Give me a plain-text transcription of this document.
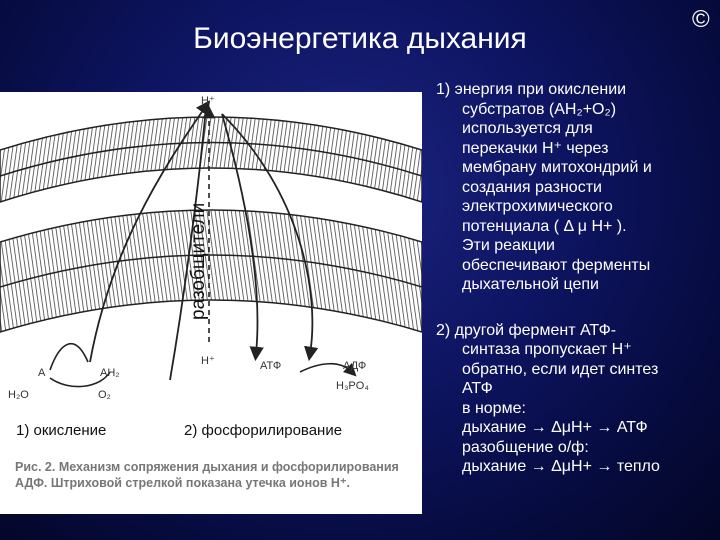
Биоэнергетика дыхания
©
H⁺
H⁺
разобщители
A	AH₂
H₂O	O₂
АТФ	АДФ
H₃PO₄
1) окисление	2) фосфорилирование
Рис. 2. Механизм сопряжения дыхания и фосфорилирования АДФ. Штриховой стрелкой показана утечка ионов H⁺.
1) энергия при окислении
субстратов (АН₂+О₂)
используется для
перекачки Н⁺ через
мембрану митохондрий и
создания разности
электрохимического
потенциала ( Δ μ H+ ).
Эти реакции
обеспечивают ферменты
дыхательной цепи
2) другой фермент АТФ-
синтаза пропускает Н⁺
обратно, если идет синтез
АТФ
в норме:
дыхание → ΔμH+ → АТФ
разобщение о/ф:
дыхание → ΔμH+ → тепло
